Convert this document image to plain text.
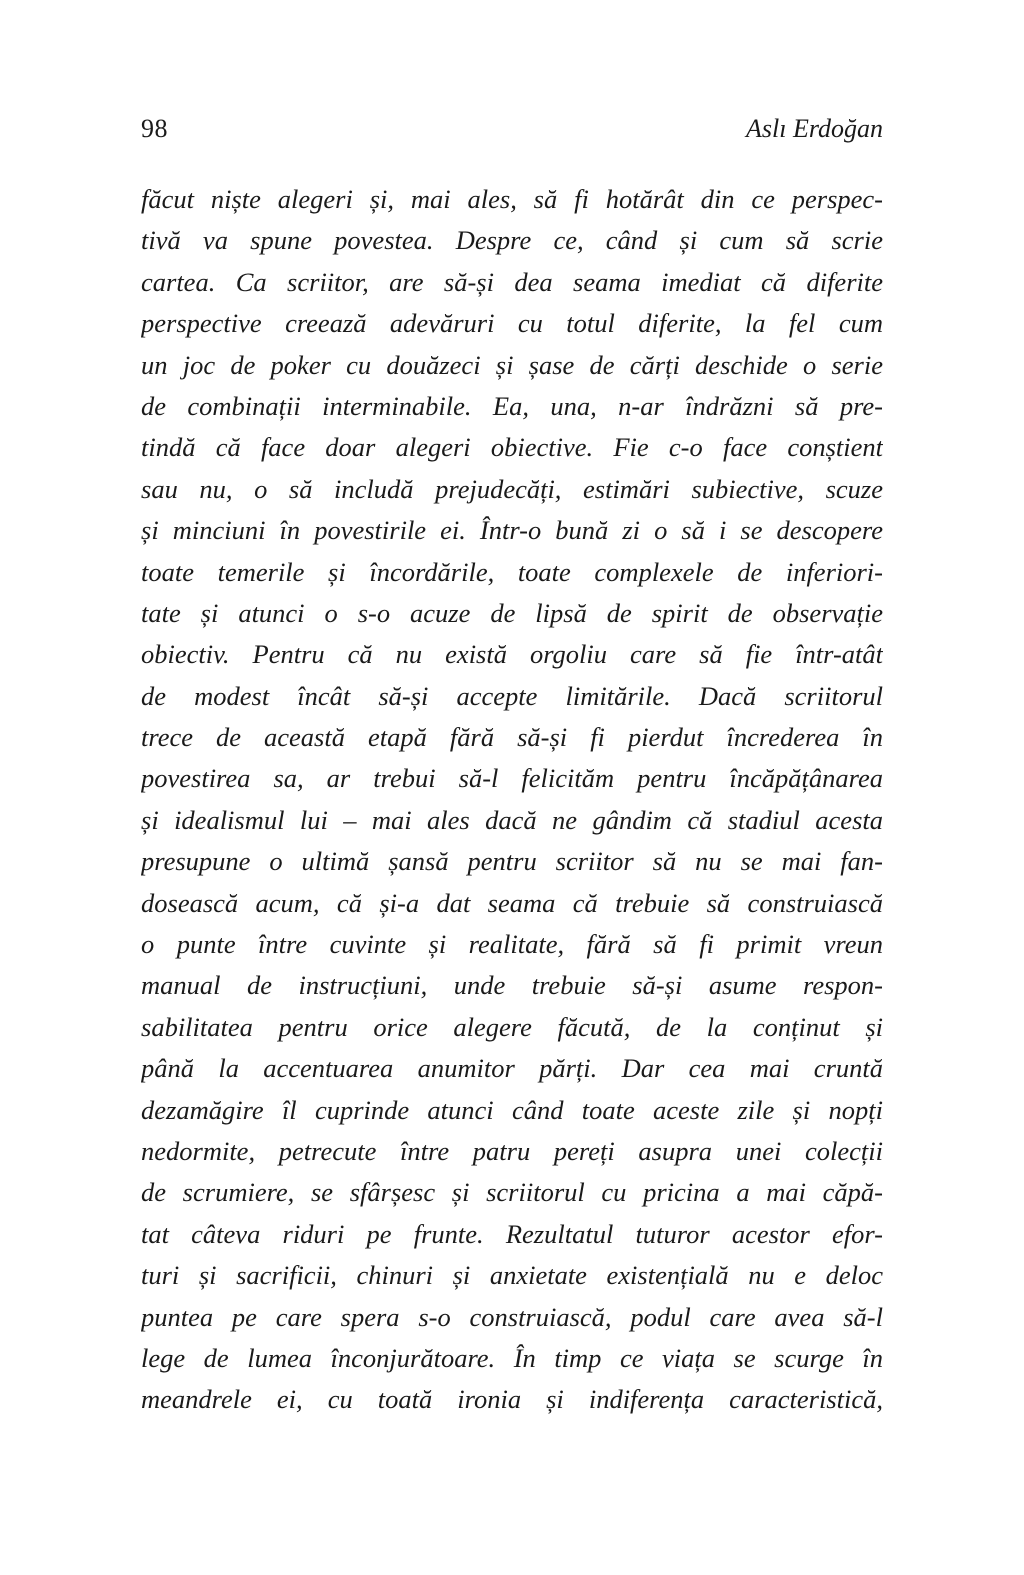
98	Aslı Erdoğan
făcut niște alegeri și, mai ales, să fi hotărât din ce perspec-
tivă va spune povestea. Despre ce, când și cum să scrie
cartea. Ca scriitor, are să-și dea seama imediat că diferite
perspective creează adevăruri cu totul diferite, la fel cum
un joc de poker cu douăzeci și șase de cărți deschide o serie
de combinații interminabile. Ea, una, n-ar îndrăzni să pre-
tindă că face doar alegeri obiective. Fie c-o face conștient
sau nu, o să includă prejudecăți, estimări subiective, scuze
și minciuni în povestirile ei. Într-o bună zi o să i se descopere
toate temerile și încordările, toate complexele de inferiori-
tate și atunci o s-o acuze de lipsă de spirit de observație
obiectiv. Pentru că nu există orgoliu care să fie într-atât
de modest încât să-și accepte limitările. Dacă scriitorul
trece de această etapă fără să-și fi pierdut încrederea în
povestirea sa, ar trebui să-l felicităm pentru încăpățânarea
și idealismul lui – mai ales dacă ne gândim că stadiul acesta
presupune o ultimă șansă pentru scriitor să nu se mai fan-
dosească acum, că și-a dat seama că trebuie să construiască
o punte între cuvinte și realitate, fără să fi primit vreun
manual de instrucțiuni, unde trebuie să-și asume respon-
sabilitatea pentru orice alegere făcută, de la conținut și
până la accentuarea anumitor părți. Dar cea mai cruntă
dezamăgire îl cuprinde atunci când toate aceste zile și nopți
nedormite, petrecute între patru pereți asupra unei colecții
de scrumiere, se sfârșesc și scriitorul cu pricina a mai căpă-
tat câteva riduri pe frunte. Rezultatul tuturor acestor efor-
turi și sacrificii, chinuri și anxietate existențială nu e deloc
puntea pe care spera s-o construiască, podul care avea să-l
lege de lumea înconjurătoare. În timp ce viața se scurge în
meandrele ei, cu toată ironia și indiferența caracteristică,
